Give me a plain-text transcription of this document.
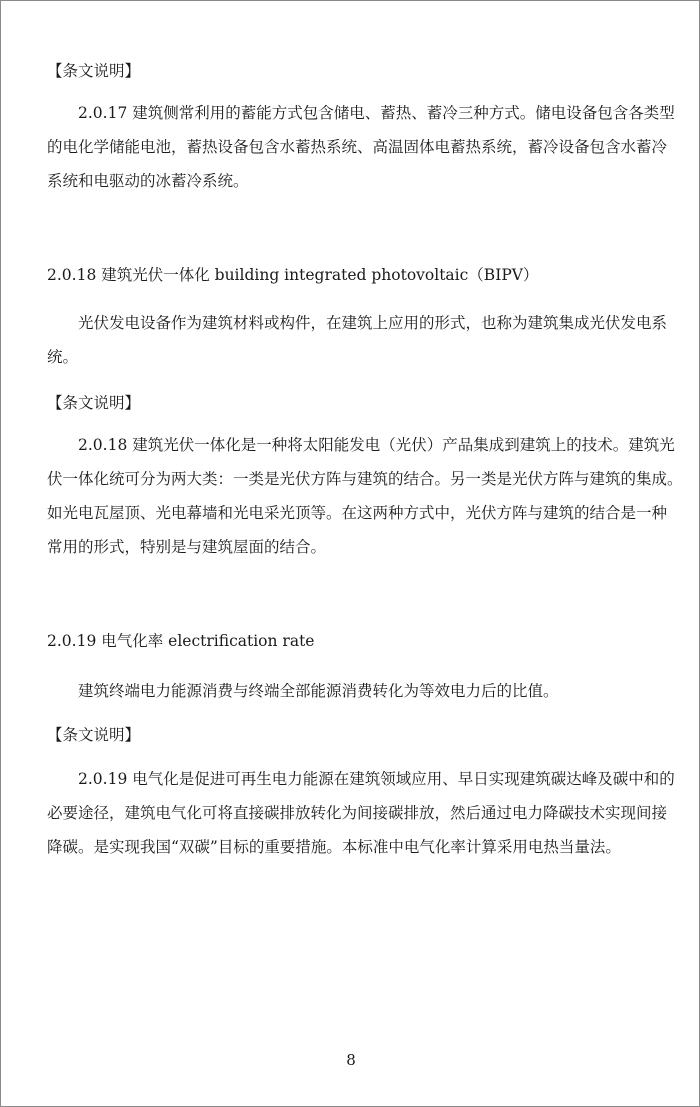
【条文说明】

2.0.17 建筑侧常利用的蓄能方式包含储电、蓄热、蓄冷三种方式。储电设备包含各类型
的电化学储能电池，蓄热设备包含水蓄热系统、高温固体电蓄热系统，蓄冷设备包含水蓄冷
系统和电驱动的冰蓄冷系统。

2.0.18 建筑光伏一体化 building integrated photovoltaic（BIPV）

光伏发电设备作为建筑材料或构件，在建筑上应用的形式，也称为建筑集成光伏发电系
统。

【条文说明】

2.0.18 建筑光伏一体化是一种将太阳能发电（光伏）产品集成到建筑上的技术。建筑光
伏一体化统可分为两大类：一类是光伏方阵与建筑的结合。另一类是光伏方阵与建筑的集成。
如光电瓦屋顶、光电幕墙和光电采光顶等。在这两种方式中，光伏方阵与建筑的结合是一种
常用的形式，特别是与建筑屋面的结合。

2.0.19 电气化率 electrification rate

建筑终端电力能源消费与终端全部能源消费转化为等效电力后的比值。

【条文说明】

2.0.19 电气化是促进可再生电力能源在建筑领域应用、早日实现建筑碳达峰及碳中和的
必要途径，建筑电气化可将直接碳排放转化为间接碳排放，然后通过电力降碳技术实现间接
降碳。是实现我国“双碳”目标的重要措施。本标准中电气化率计算采用电热当量法。
8
